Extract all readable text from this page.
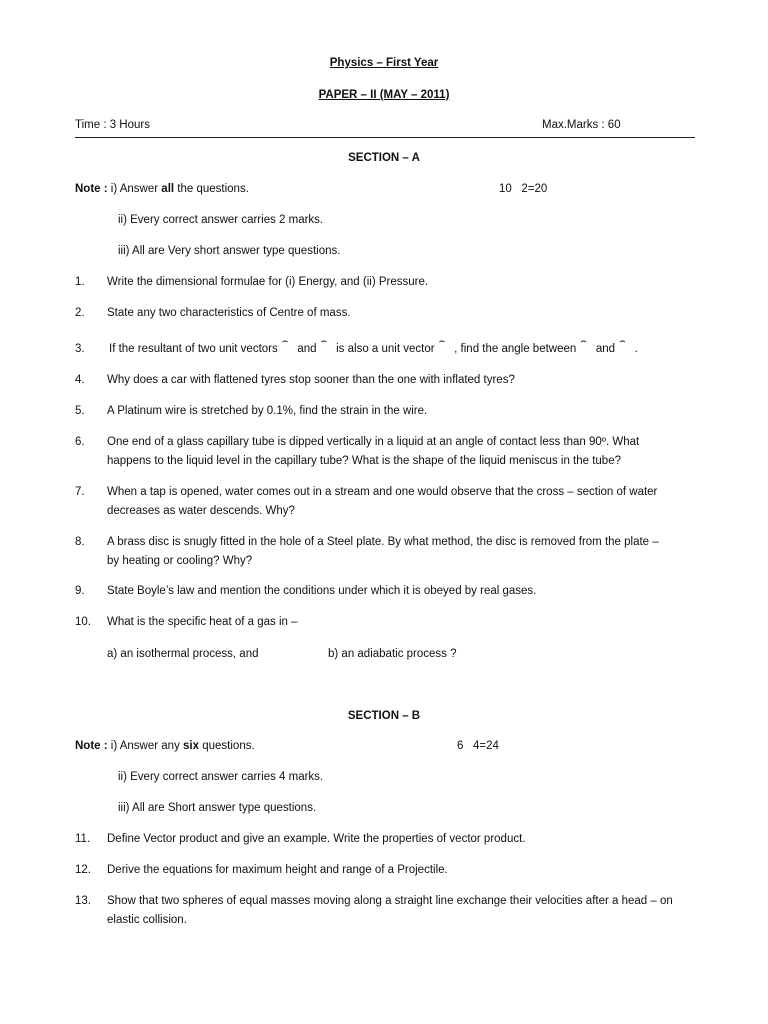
Physics – First Year
PAPER – II (MAY – 2011)
Time : 3 Hours	Max.Marks : 60
SECTION – A
Note : i) Answer all the questions.	10 2=20
ii) Every correct answer carries 2 marks.
iii) All are Very short answer type questions.
1. Write the dimensional formulae for (i) Energy, and (ii) Pressure.
2. State any two characteristics of Centre of mass.
3. If the resultant of two unit vectors⌢and⌢is also a unit vector⌢, find the angle between⌢and⌢.
4. Why does a car with flattened tyres stop sooner than the one with inflated tyres?
5. A Platinum wire is stretched by 0.1%, find the strain in the wire.
6. One end of a glass capillary tube is dipped vertically in a liquid at an angle of contact less than 90º. What
happens to the liquid level in the capillary tube? What is the shape of the liquid meniscus in the tube?
7. When a tap is opened, water comes out in a stream and one would observe that the cross – section of water
decreases as water descends. Why?
8. A brass disc is snugly fitted in the hole of a Steel plate. By what method, the disc is removed from the plate –
by heating or cooling? Why?
9. State Boyle’s law and mention the conditions under which it is obeyed by real gases.
10. What is the specific heat of a gas in –
a) an isothermal process, and	b) an adiabatic process ?
SECTION – B
Note : i) Answer any six questions.	6 4=24
ii) Every correct answer carries 4 marks.
iii) All are Short answer type questions.
11. Define Vector product and give an example. Write the properties of vector product.
12. Derive the equations for maximum height and range of a Projectile.
13. Show that two spheres of equal masses moving along a straight line exchange their velocities after a head – on
elastic collision.
